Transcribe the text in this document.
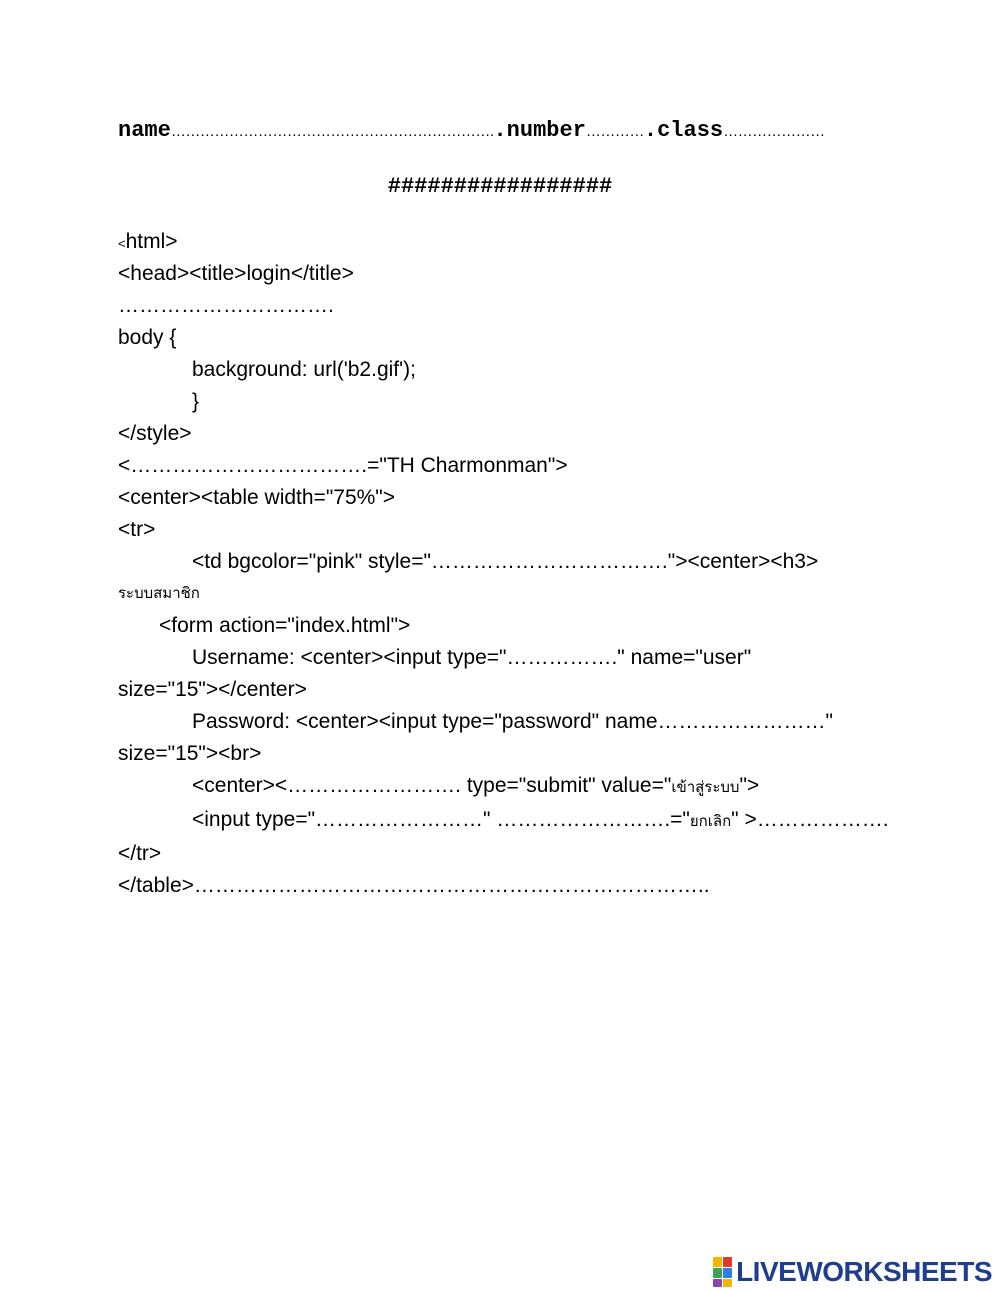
name…………………………………………………………..number………….class…………………
#################
<html>
<head><title>login</title>
………………………….
body {
background: url('b2.gif');
}
</style>
<…………………………….="TH Charmonman">
<center><table width="75%">
<tr>
<td bgcolor="pink" style="……………………………."><center><h3>
ระบบสมาชิก
<form action="index.html">
Username: <center><input type="……………." name="user"
size="15"></center>
Password: <center><input type="password" name……………………"
size="15"><br>
<center><……………………. type="submit" value="เข้าสู่ระบบ">
<input type="……………………" …………………….="ยกเลิก" >……………….
</tr>
</table>………………………………………………………………..
LIVEWORKSHEETS
